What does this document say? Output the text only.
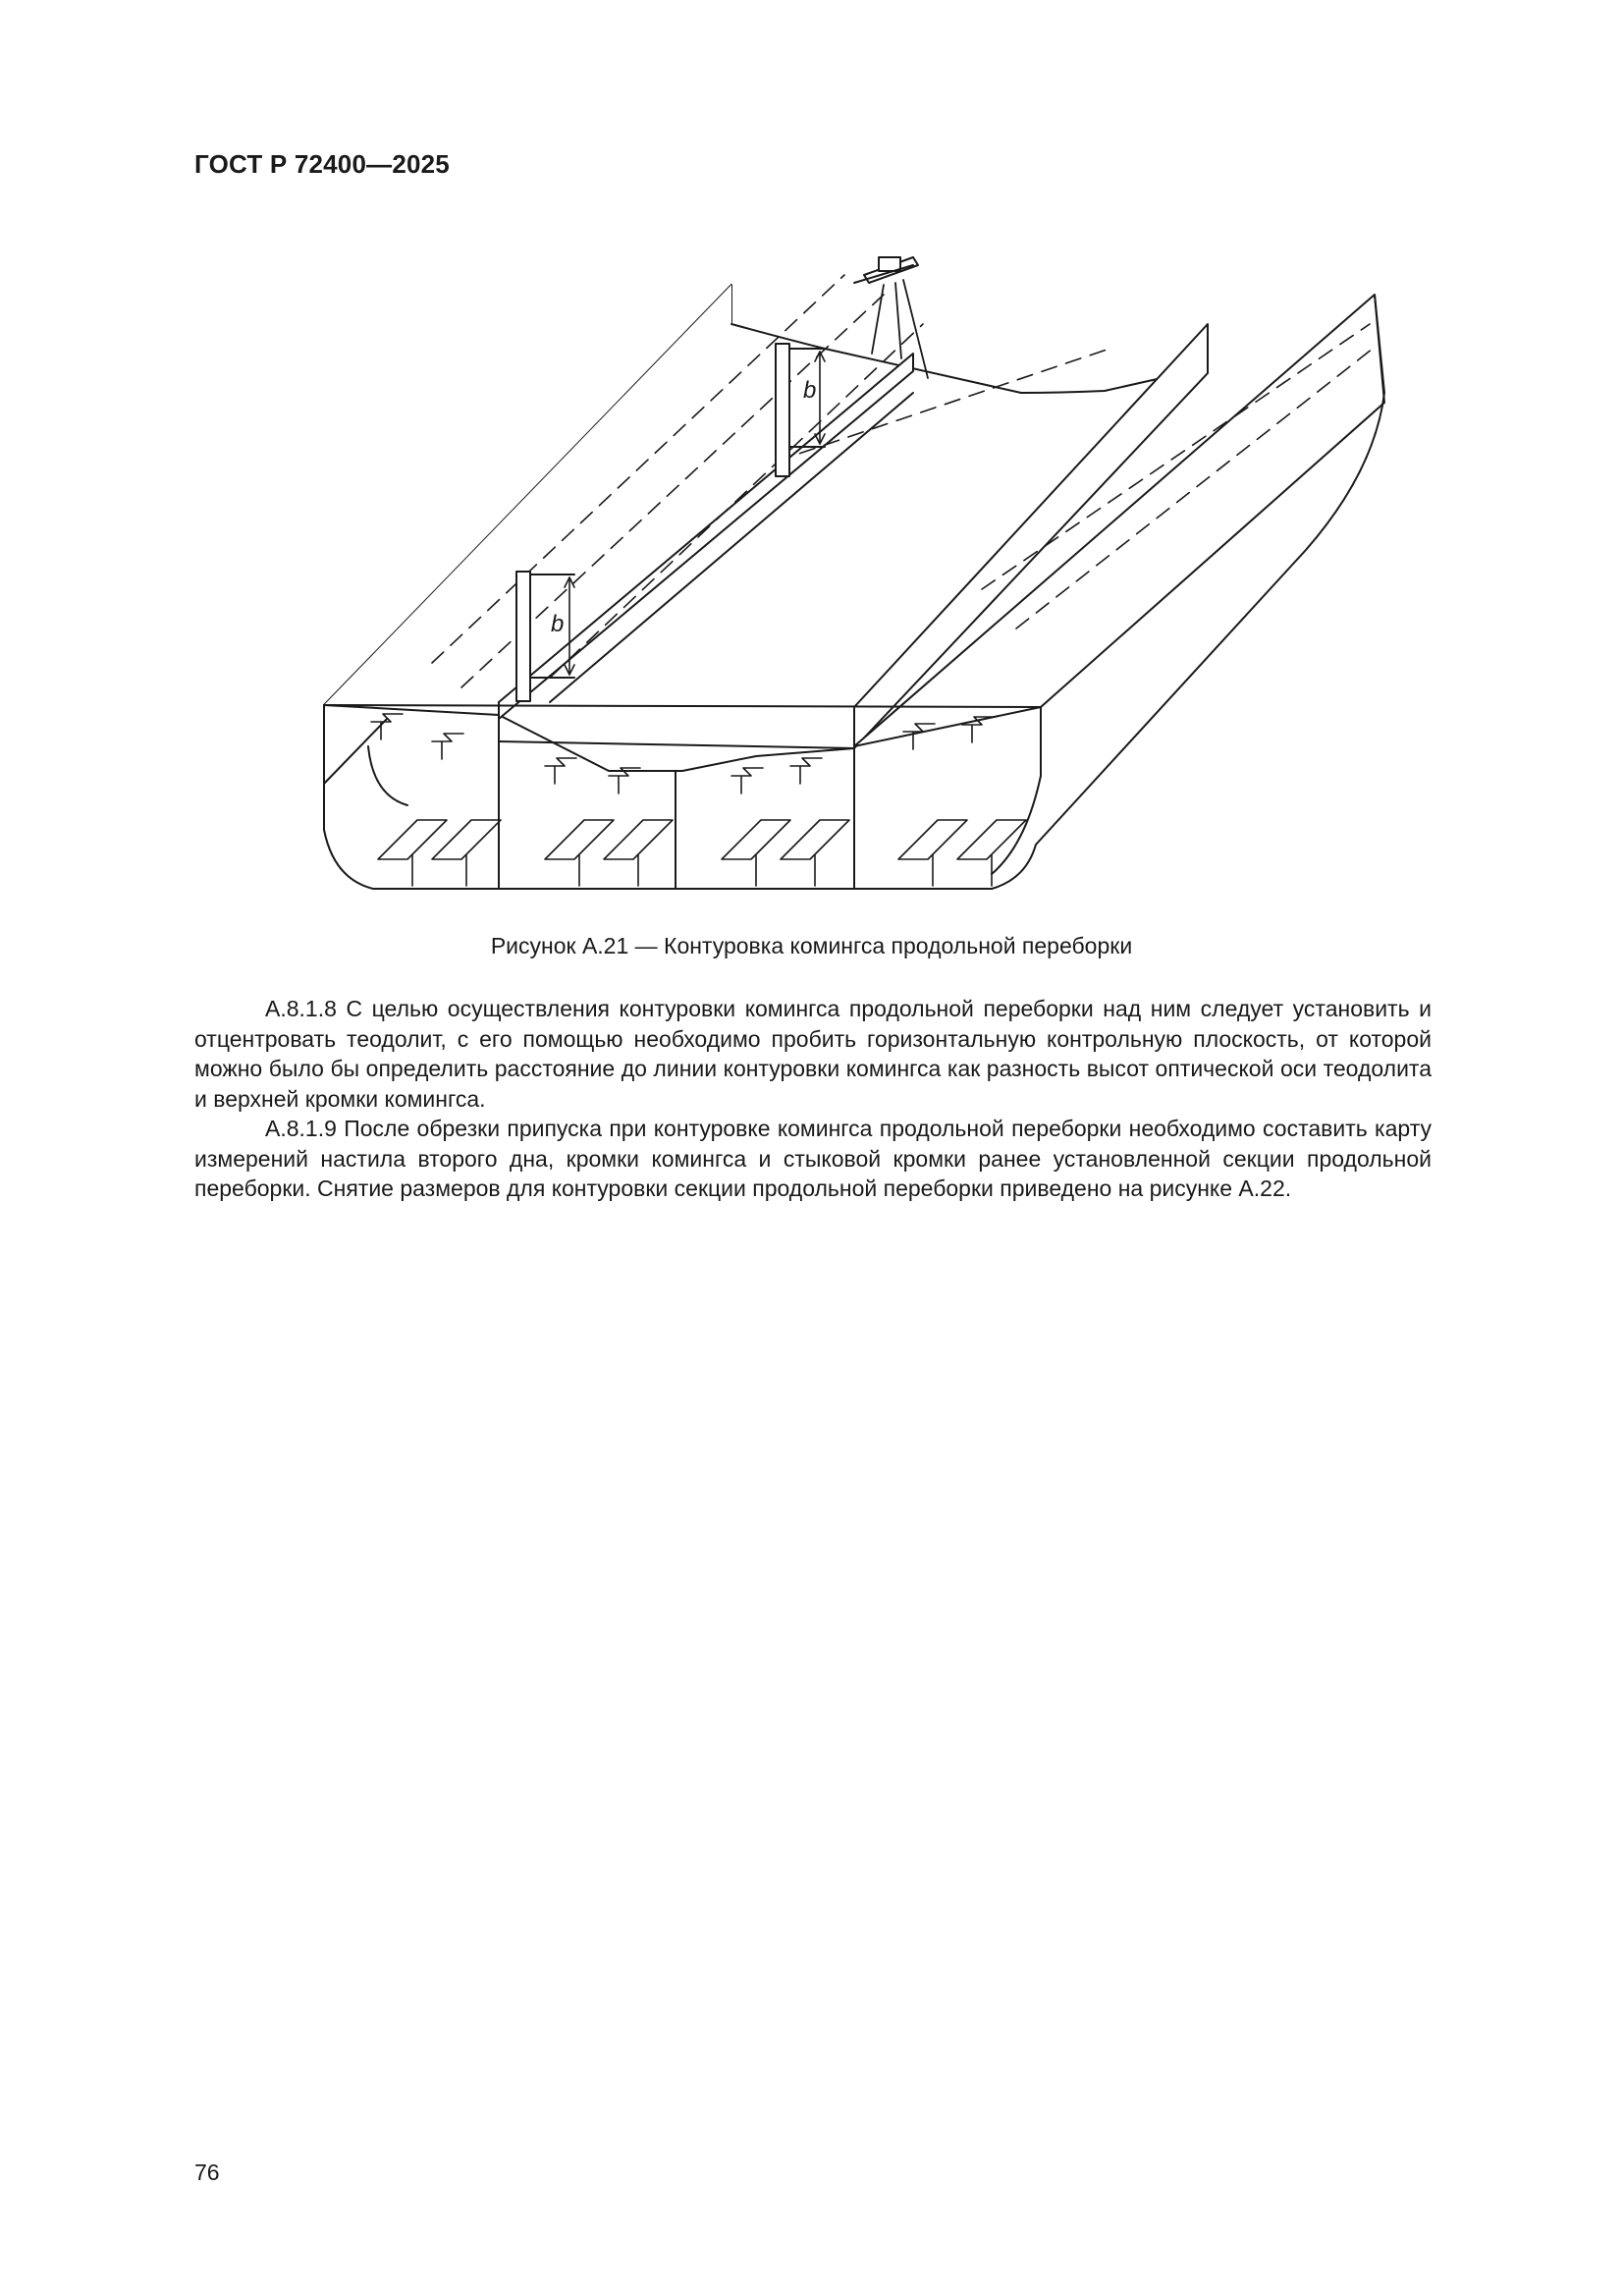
ГОСТ Р 72400—2025
b
b
Рисунок А.21 — Контуровка комингса продольной переборки

А.8.1.8 С целью осуществления контуровки комингса продольной переборки над ним следует установить и отцентровать теодолит, с его помощью необходимо пробить горизонтальную контрольную плоскость, от которой можно было бы определить расстояние до линии контуровки комингса как разность высот оптической оси теодолита и верхней кромки комингса.

А.8.1.9 После обрезки припуска при контуровке комингса продольной переборки необходимо составить карту измерений настила второго дна, кромки комингса и стыковой кромки ранее установленной секции продольной переборки. Снятие размеров для контуровки секции продольной переборки приведено на рисунке А.22.

76
